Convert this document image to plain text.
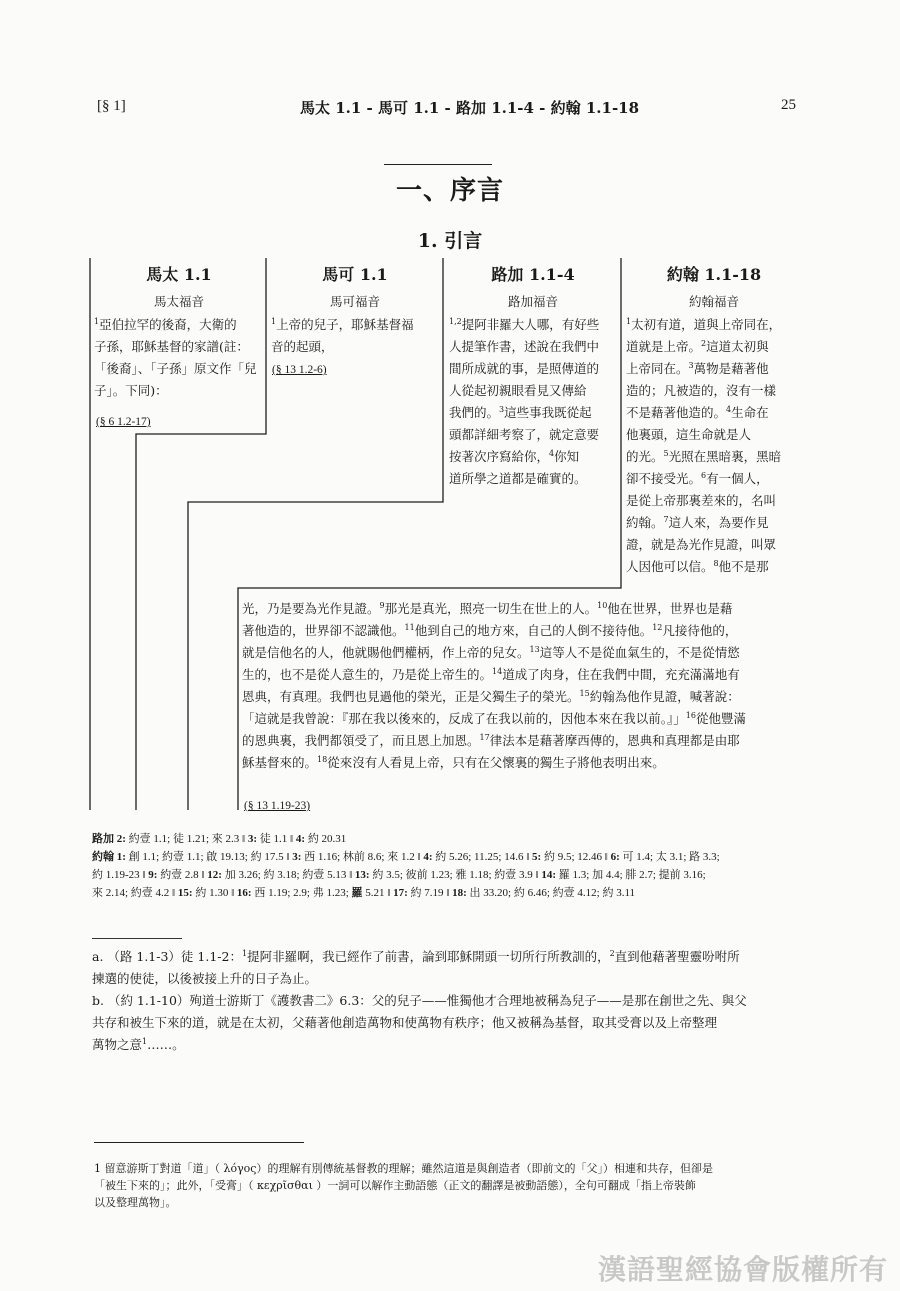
[§ 1]	馬太 1.1 - 馬可 1.1 - 路加 1.1-4 - 約翰 1.1-18	25
一、序言
1. 引言
馬太 1.1
馬太福音
馬可 1.1
馬可福音
路加 1.1-4
路加福音
約翰 1.1-18
約翰福音
$^1$亞伯拉罕的後裔，大衛的
子孫，耶穌基督的家譜(註：
「後裔」、「子孫」原文作「兒
子」。下同)：
(§ 6 1.2-17)
$^1$上帝的兒子，耶穌基督福
音的起頭，
(§ 13 1.2-6)
$^{1,2}$提阿非羅大人哪，有好些
人提筆作書，述說在我們中
間所成就的事，是照傳道的
人從起初親眼看見又傳給
我們的。$^3$這些事我既從起
頭都詳細考察了，就定意要
按著次序寫給你，$^4$你知
道所學之道都是確實的。
$^1$太初有道，道與上帝同在，
道就是上帝。$^2$這道太初與
上帝同在。$^3$萬物是藉著他
造的；凡被造的，沒有一樣
不是藉著他造的。$^4$生命在
他裏頭，這生命就是人
的光。$^5$光照在黑暗裏，黑暗
卻不接受光。$^6$有一個人，
是從上帝那裏差來的，名叫
約翰。$^7$這人來，為要作見
證，就是為光作見證，叫眾
人因他可以信。$^8$他不是那
光，乃是要為光作見證。$^9$那光是真光，照亮一切生在世上的人。$^{10}$他在世界，世界也是藉
著他造的，世界卻不認識他。$^{11}$他到自己的地方來，自己的人倒不接待他。$^{12}$凡接待他的，
就是信他名的人，他就賜他們權柄，作上帝的兒女。$^{13}$這等人不是從血氣生的，不是從情慾
生的，也不是從人意生的，乃是從上帝生的。$^{14}$道成了肉身，住在我們中間，充充滿滿地有
恩典，有真理。我們也見過他的榮光，正是父獨生子的榮光。$^{15}$約翰為他作見證，喊著說：
「這就是我曾說：『那在我以後來的，反成了在我以前的，因他本來在我以前。』」$^{16}$從他豐滿
的恩典裏，我們都領受了，而且恩上加恩。$^{17}$律法本是藉著摩西傳的，恩典和真理都是由耶
穌基督來的。$^{18}$從來沒有人看見上帝，只有在父懷裏的獨生子將他表明出來。
(§ 13 1.19-23)
路加 2: 約壹 1.1; 徒 1.21; 來 2.3 ‖ 3: 徒 1.1 ‖ 4: 約 20.31
約翰 1: 創 1.1; 約壹 1.1; 啟 19.13; 約 17.5 ‖ 3: 西 1.16; 林前 8.6; 來 1.2 ‖ 4: 約 5.26; 11.25; 14.6 ‖ 5: 約 9.5; 12.46 ‖ 6: 可 1.4; 太 3.1; 路 3.3;
約 1.19-23 ‖ 9: 約壹 2.8 ‖ 12: 加 3.26; 約 3.18; 約壹 5.13 ‖ 13: 約 3.5; 彼前 1.23; 雅 1.18; 約壹 3.9 ‖ 14: 羅 1.3; 加 4.4; 腓 2.7; 提前 3.16;
來 2.14; 約壹 4.2 ‖ 15: 約 1.30 ‖ 16: 西 1.19; 2.9; 弗 1.23; 羅 5.21 ‖ 17: 約 7.19 ‖ 18: 出 33.20; 約 6.46; 約壹 4.12; 約 3.11
a. （路 1.1-3）徒 1.1-2：$^1$提阿非羅啊，我已經作了前書，論到耶穌開頭一切所行所教訓的，$^2$直到他藉著聖靈吩咐所
揀選的使徒，以後被接上升的日子為止。
b. （約 1.1-10）殉道士游斯丁《護教書二》6.3：父的兒子——惟獨他才合理地被稱為兒子——是那在創世之先、與父
共存和被生下來的道，就是在太初，父藉著他創造萬物和使萬物有秩序；他又被稱為基督，取其受膏以及上帝整理
萬物之意$^1$……。
1 留意游斯丁對道「道」（ λόγος）的理解有別傳統基督教的理解；雖然這道是與創造者（即前文的「父」）相連和共存，但卻是
「被生下來的」；此外，「受膏」（ κεχρῖσθαι ）一詞可以解作主動語態（正文的翻譯是被動語態），全句可翻成「指上帝裝飾
以及整理萬物」。
漢語聖經協會版權所有
